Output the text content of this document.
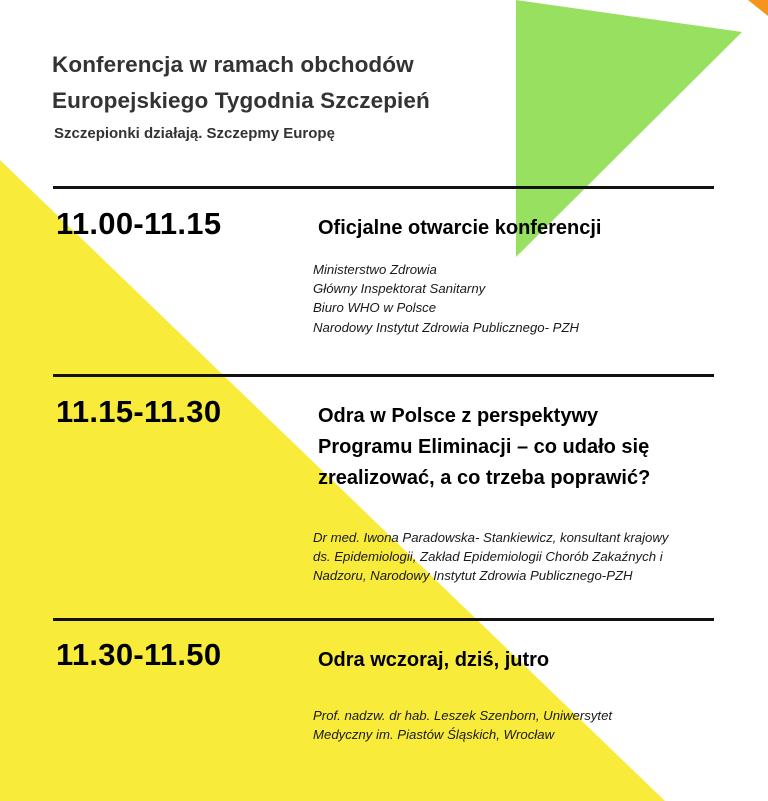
Konferencja w ramach obchodów
Europejskiego Tygodnia Szczepień
Szczepionki działają. Szczepmy Europę
11.00-11.15	Oficjalne otwarcie konferencji
Ministerstwo Zdrowia
Główny Inspektorat Sanitarny
Biuro WHO w Polsce
Narodowy Instytut Zdrowia Publicznego- PZH
11.15-11.30	Odra w Polsce z perspektywy
Programu Eliminacji – co udało się
zrealizować, a co trzeba poprawić?
Dr med. Iwona Paradowska- Stankiewicz, konsultant krajowy
ds. Epidemiologii, Zakład Epidemiologii Chorób Zakaźnych i
Nadzoru, Narodowy Instytut Zdrowia Publicznego-PZH
11.30-11.50	Odra wczoraj, dziś, jutro
Prof. nadzw. dr hab. Leszek Szenborn, Uniwersytet
Medyczny im. Piastów Śląskich, Wrocław
